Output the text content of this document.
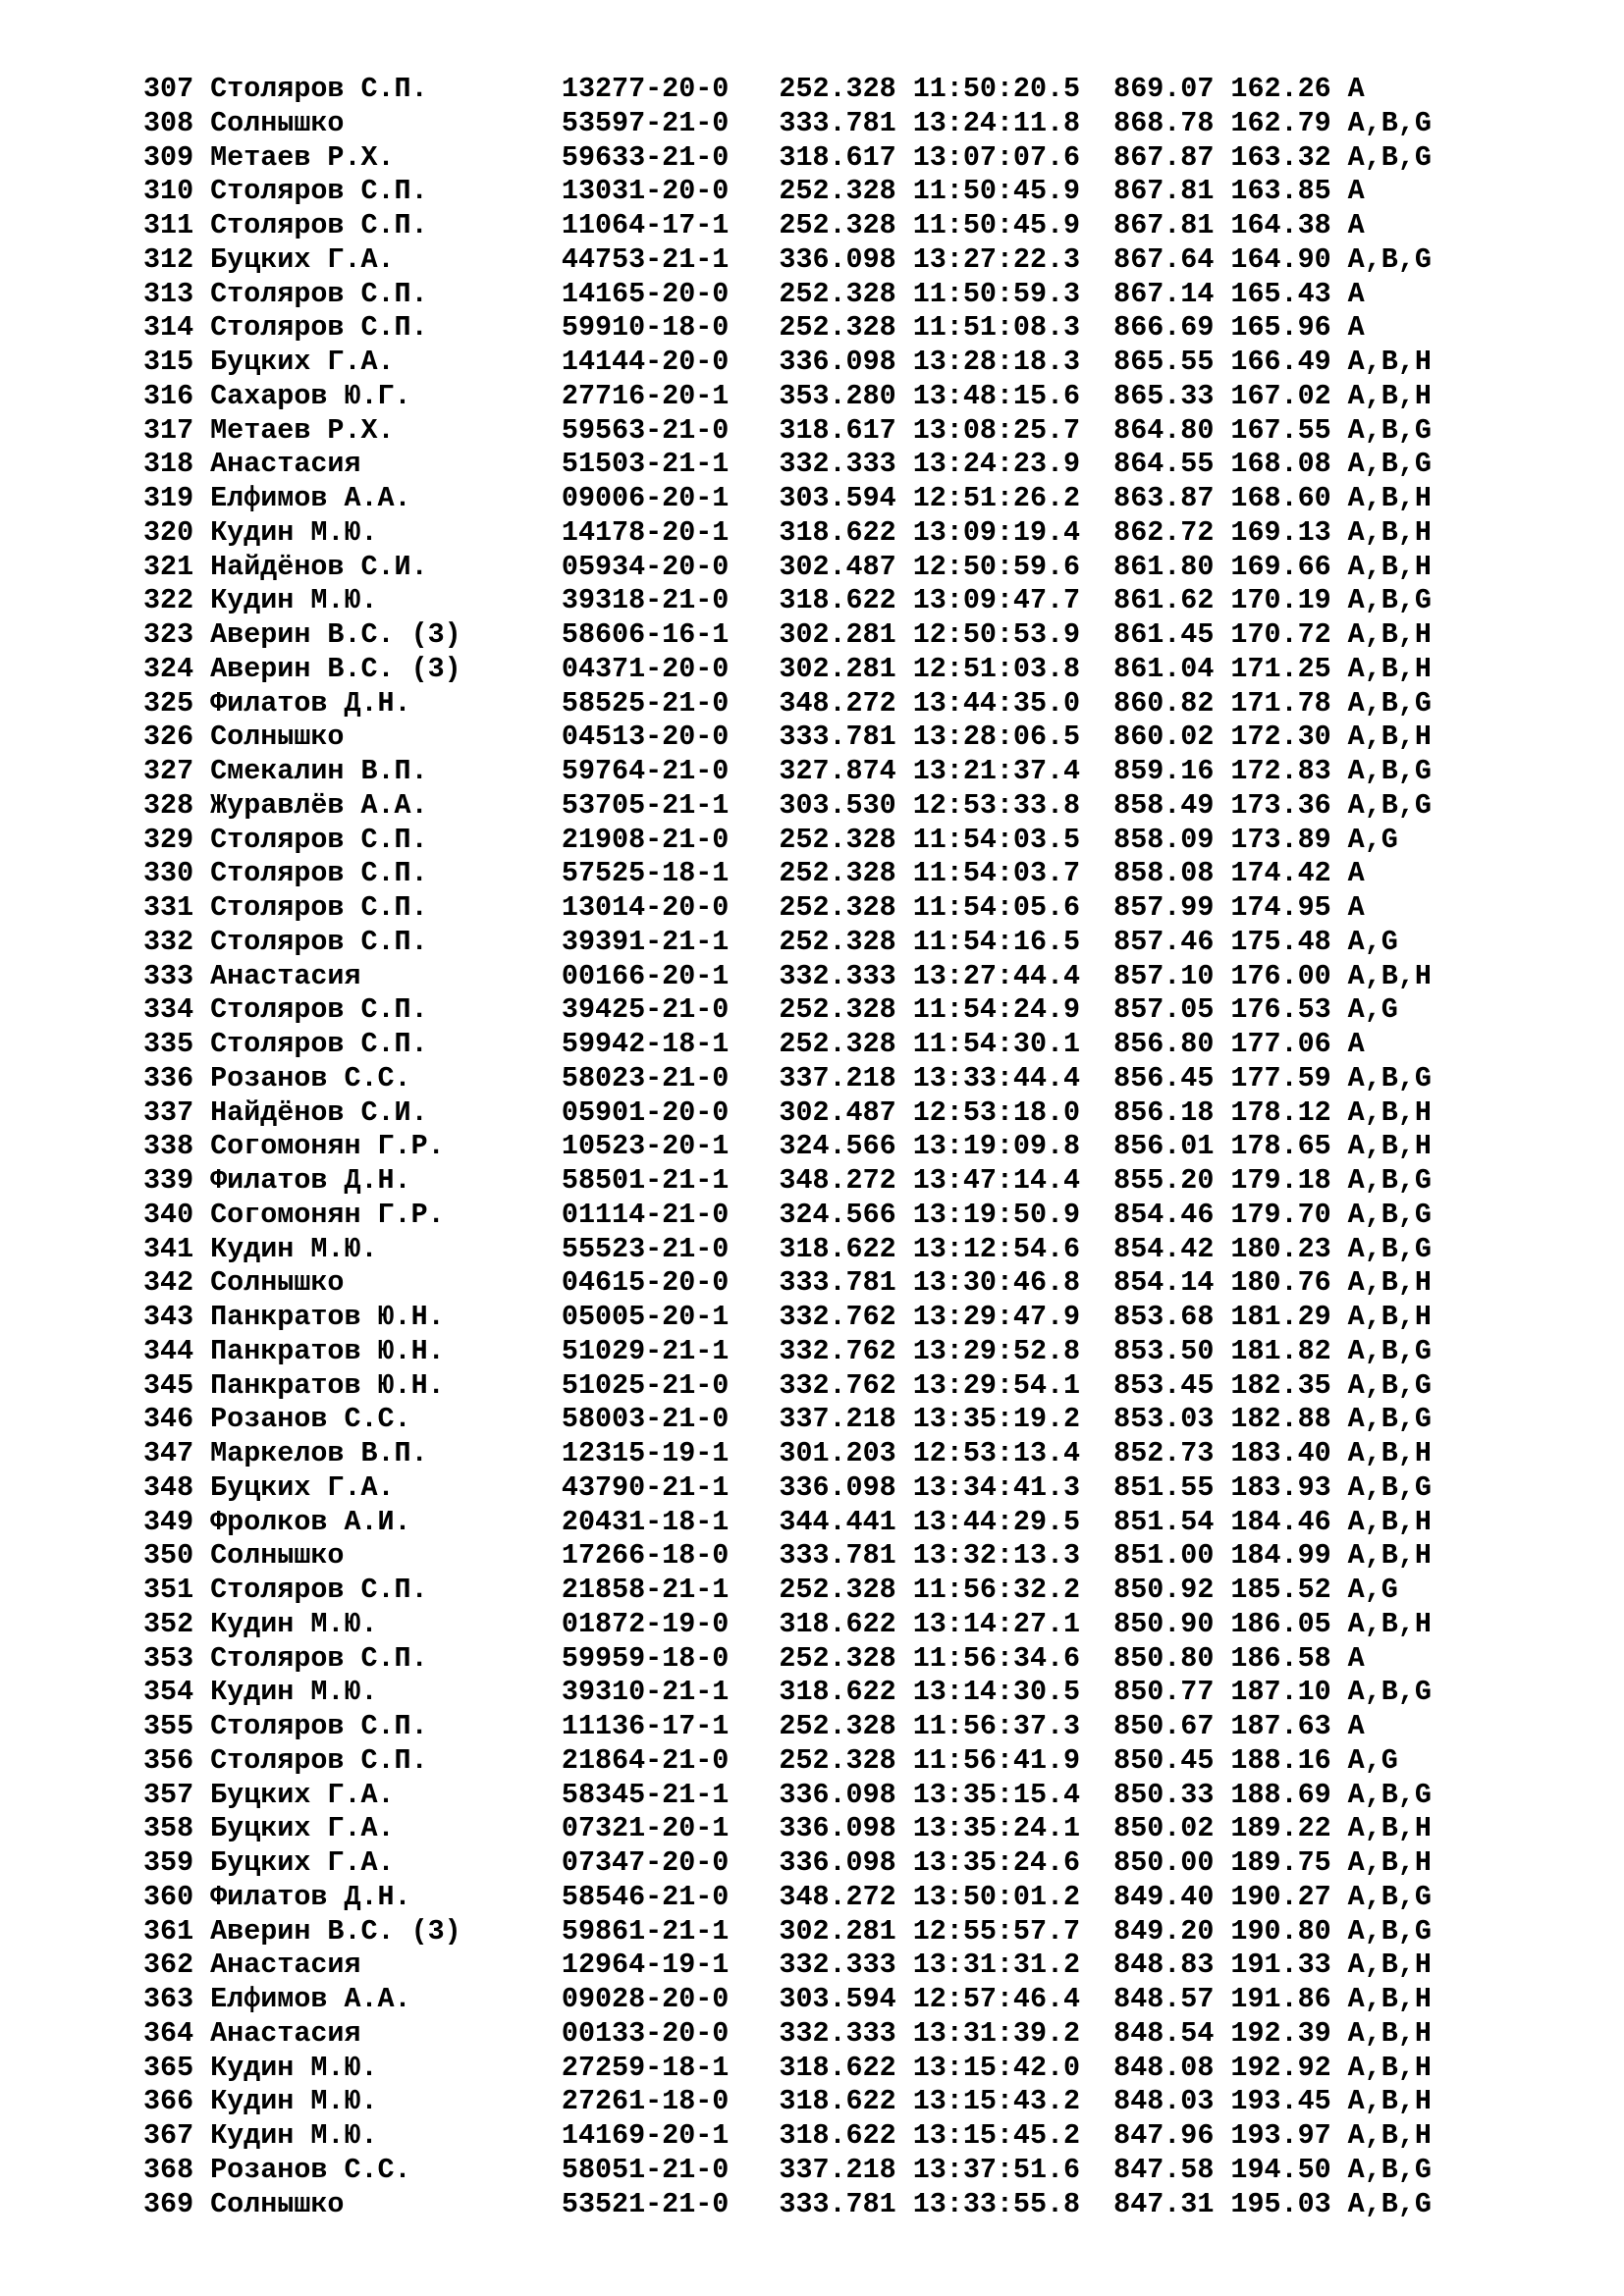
307 Столяров С.П.        13277-20-0   252.328 11:50:20.5  869.07 162.26 A
308 Солнышко             53597-21-0   333.781 13:24:11.8  868.78 162.79 A,B,G
309 Метаев Р.Х.          59633-21-0   318.617 13:07:07.6  867.87 163.32 A,B,G
310 Столяров С.П.        13031-20-0   252.328 11:50:45.9  867.81 163.85 A
311 Столяров С.П.        11064-17-1   252.328 11:50:45.9  867.81 164.38 A
312 Буцких Г.А.          44753-21-1   336.098 13:27:22.3  867.64 164.90 A,B,G
313 Столяров С.П.        14165-20-0   252.328 11:50:59.3  867.14 165.43 A
314 Столяров С.П.        59910-18-0   252.328 11:51:08.3  866.69 165.96 A
315 Буцких Г.А.          14144-20-0   336.098 13:28:18.3  865.55 166.49 A,B,H
316 Сахаров Ю.Г.         27716-20-1   353.280 13:48:15.6  865.33 167.02 A,B,H
317 Метаев Р.Х.          59563-21-0   318.617 13:08:25.7  864.80 167.55 A,B,G
318 Анастасия            51503-21-1   332.333 13:24:23.9  864.55 168.08 A,B,G
319 Елфимов А.А.         09006-20-1   303.594 12:51:26.2  863.87 168.60 A,B,H
320 Кудин М.Ю.           14178-20-1   318.622 13:09:19.4  862.72 169.13 A,B,H
321 Найдёнов С.И.        05934-20-0   302.487 12:50:59.6  861.80 169.66 A,B,H
322 Кудин М.Ю.           39318-21-0   318.622 13:09:47.7  861.62 170.19 A,B,G
323 Аверин В.С. (3)      58606-16-1   302.281 12:50:53.9  861.45 170.72 A,B,H
324 Аверин В.С. (3)      04371-20-0   302.281 12:51:03.8  861.04 171.25 A,B,H
325 Филатов Д.Н.         58525-21-0   348.272 13:44:35.0  860.82 171.78 A,B,G
326 Солнышко             04513-20-0   333.781 13:28:06.5  860.02 172.30 A,B,H
327 Смекалин В.П.        59764-21-0   327.874 13:21:37.4  859.16 172.83 A,B,G
328 Журавлёв А.А.        53705-21-1   303.530 12:53:33.8  858.49 173.36 A,B,G
329 Столяров С.П.        21908-21-0   252.328 11:54:03.5  858.09 173.89 A,G
330 Столяров С.П.        57525-18-1   252.328 11:54:03.7  858.08 174.42 A
331 Столяров С.П.        13014-20-0   252.328 11:54:05.6  857.99 174.95 A
332 Столяров С.П.        39391-21-1   252.328 11:54:16.5  857.46 175.48 A,G
333 Анастасия            00166-20-1   332.333 13:27:44.4  857.10 176.00 A,B,H
334 Столяров С.П.        39425-21-0   252.328 11:54:24.9  857.05 176.53 A,G
335 Столяров С.П.        59942-18-1   252.328 11:54:30.1  856.80 177.06 A
336 Розанов С.С.         58023-21-0   337.218 13:33:44.4  856.45 177.59 A,B,G
337 Найдёнов С.И.        05901-20-0   302.487 12:53:18.0  856.18 178.12 A,B,H
338 Согомонян Г.Р.       10523-20-1   324.566 13:19:09.8  856.01 178.65 A,B,H
339 Филатов Д.Н.         58501-21-1   348.272 13:47:14.4  855.20 179.18 A,B,G
340 Согомонян Г.Р.       01114-21-0   324.566 13:19:50.9  854.46 179.70 A,B,G
341 Кудин М.Ю.           55523-21-0   318.622 13:12:54.6  854.42 180.23 A,B,G
342 Солнышко             04615-20-0   333.781 13:30:46.8  854.14 180.76 A,B,H
343 Панкратов Ю.Н.       05005-20-1   332.762 13:29:47.9  853.68 181.29 A,B,H
344 Панкратов Ю.Н.       51029-21-1   332.762 13:29:52.8  853.50 181.82 A,B,G
345 Панкратов Ю.Н.       51025-21-0   332.762 13:29:54.1  853.45 182.35 A,B,G
346 Розанов С.С.         58003-21-0   337.218 13:35:19.2  853.03 182.88 A,B,G
347 Маркелов В.П.        12315-19-1   301.203 12:53:13.4  852.73 183.40 A,B,H
348 Буцких Г.А.          43790-21-1   336.098 13:34:41.3  851.55 183.93 A,B,G
349 Фролков А.И.         20431-18-1   344.441 13:44:29.5  851.54 184.46 A,B,H
350 Солнышко             17266-18-0   333.781 13:32:13.3  851.00 184.99 A,B,H
351 Столяров С.П.        21858-21-1   252.328 11:56:32.2  850.92 185.52 A,G
352 Кудин М.Ю.           01872-19-0   318.622 13:14:27.1  850.90 186.05 A,B,H
353 Столяров С.П.        59959-18-0   252.328 11:56:34.6  850.80 186.58 A
354 Кудин М.Ю.           39310-21-1   318.622 13:14:30.5  850.77 187.10 A,B,G
355 Столяров С.П.        11136-17-1   252.328 11:56:37.3  850.67 187.63 A
356 Столяров С.П.        21864-21-0   252.328 11:56:41.9  850.45 188.16 A,G
357 Буцких Г.А.          58345-21-1   336.098 13:35:15.4  850.33 188.69 A,B,G
358 Буцких Г.А.          07321-20-1   336.098 13:35:24.1  850.02 189.22 A,B,H
359 Буцких Г.А.          07347-20-0   336.098 13:35:24.6  850.00 189.75 A,B,H
360 Филатов Д.Н.         58546-21-0   348.272 13:50:01.2  849.40 190.27 A,B,G
361 Аверин В.С. (3)      59861-21-1   302.281 12:55:57.7  849.20 190.80 A,B,G
362 Анастасия            12964-19-1   332.333 13:31:31.2  848.83 191.33 A,B,H
363 Елфимов А.А.         09028-20-0   303.594 12:57:46.4  848.57 191.86 A,B,H
364 Анастасия            00133-20-0   332.333 13:31:39.2  848.54 192.39 A,B,H
365 Кудин М.Ю.           27259-18-1   318.622 13:15:42.0  848.08 192.92 A,B,H
366 Кудин М.Ю.           27261-18-0   318.622 13:15:43.2  848.03 193.45 A,B,H
367 Кудин М.Ю.           14169-20-1   318.622 13:15:45.2  847.96 193.97 A,B,H
368 Розанов С.С.         58051-21-0   337.218 13:37:51.6  847.58 194.50 A,B,G
369 Солнышко             53521-21-0   333.781 13:33:55.8  847.31 195.03 A,B,G
